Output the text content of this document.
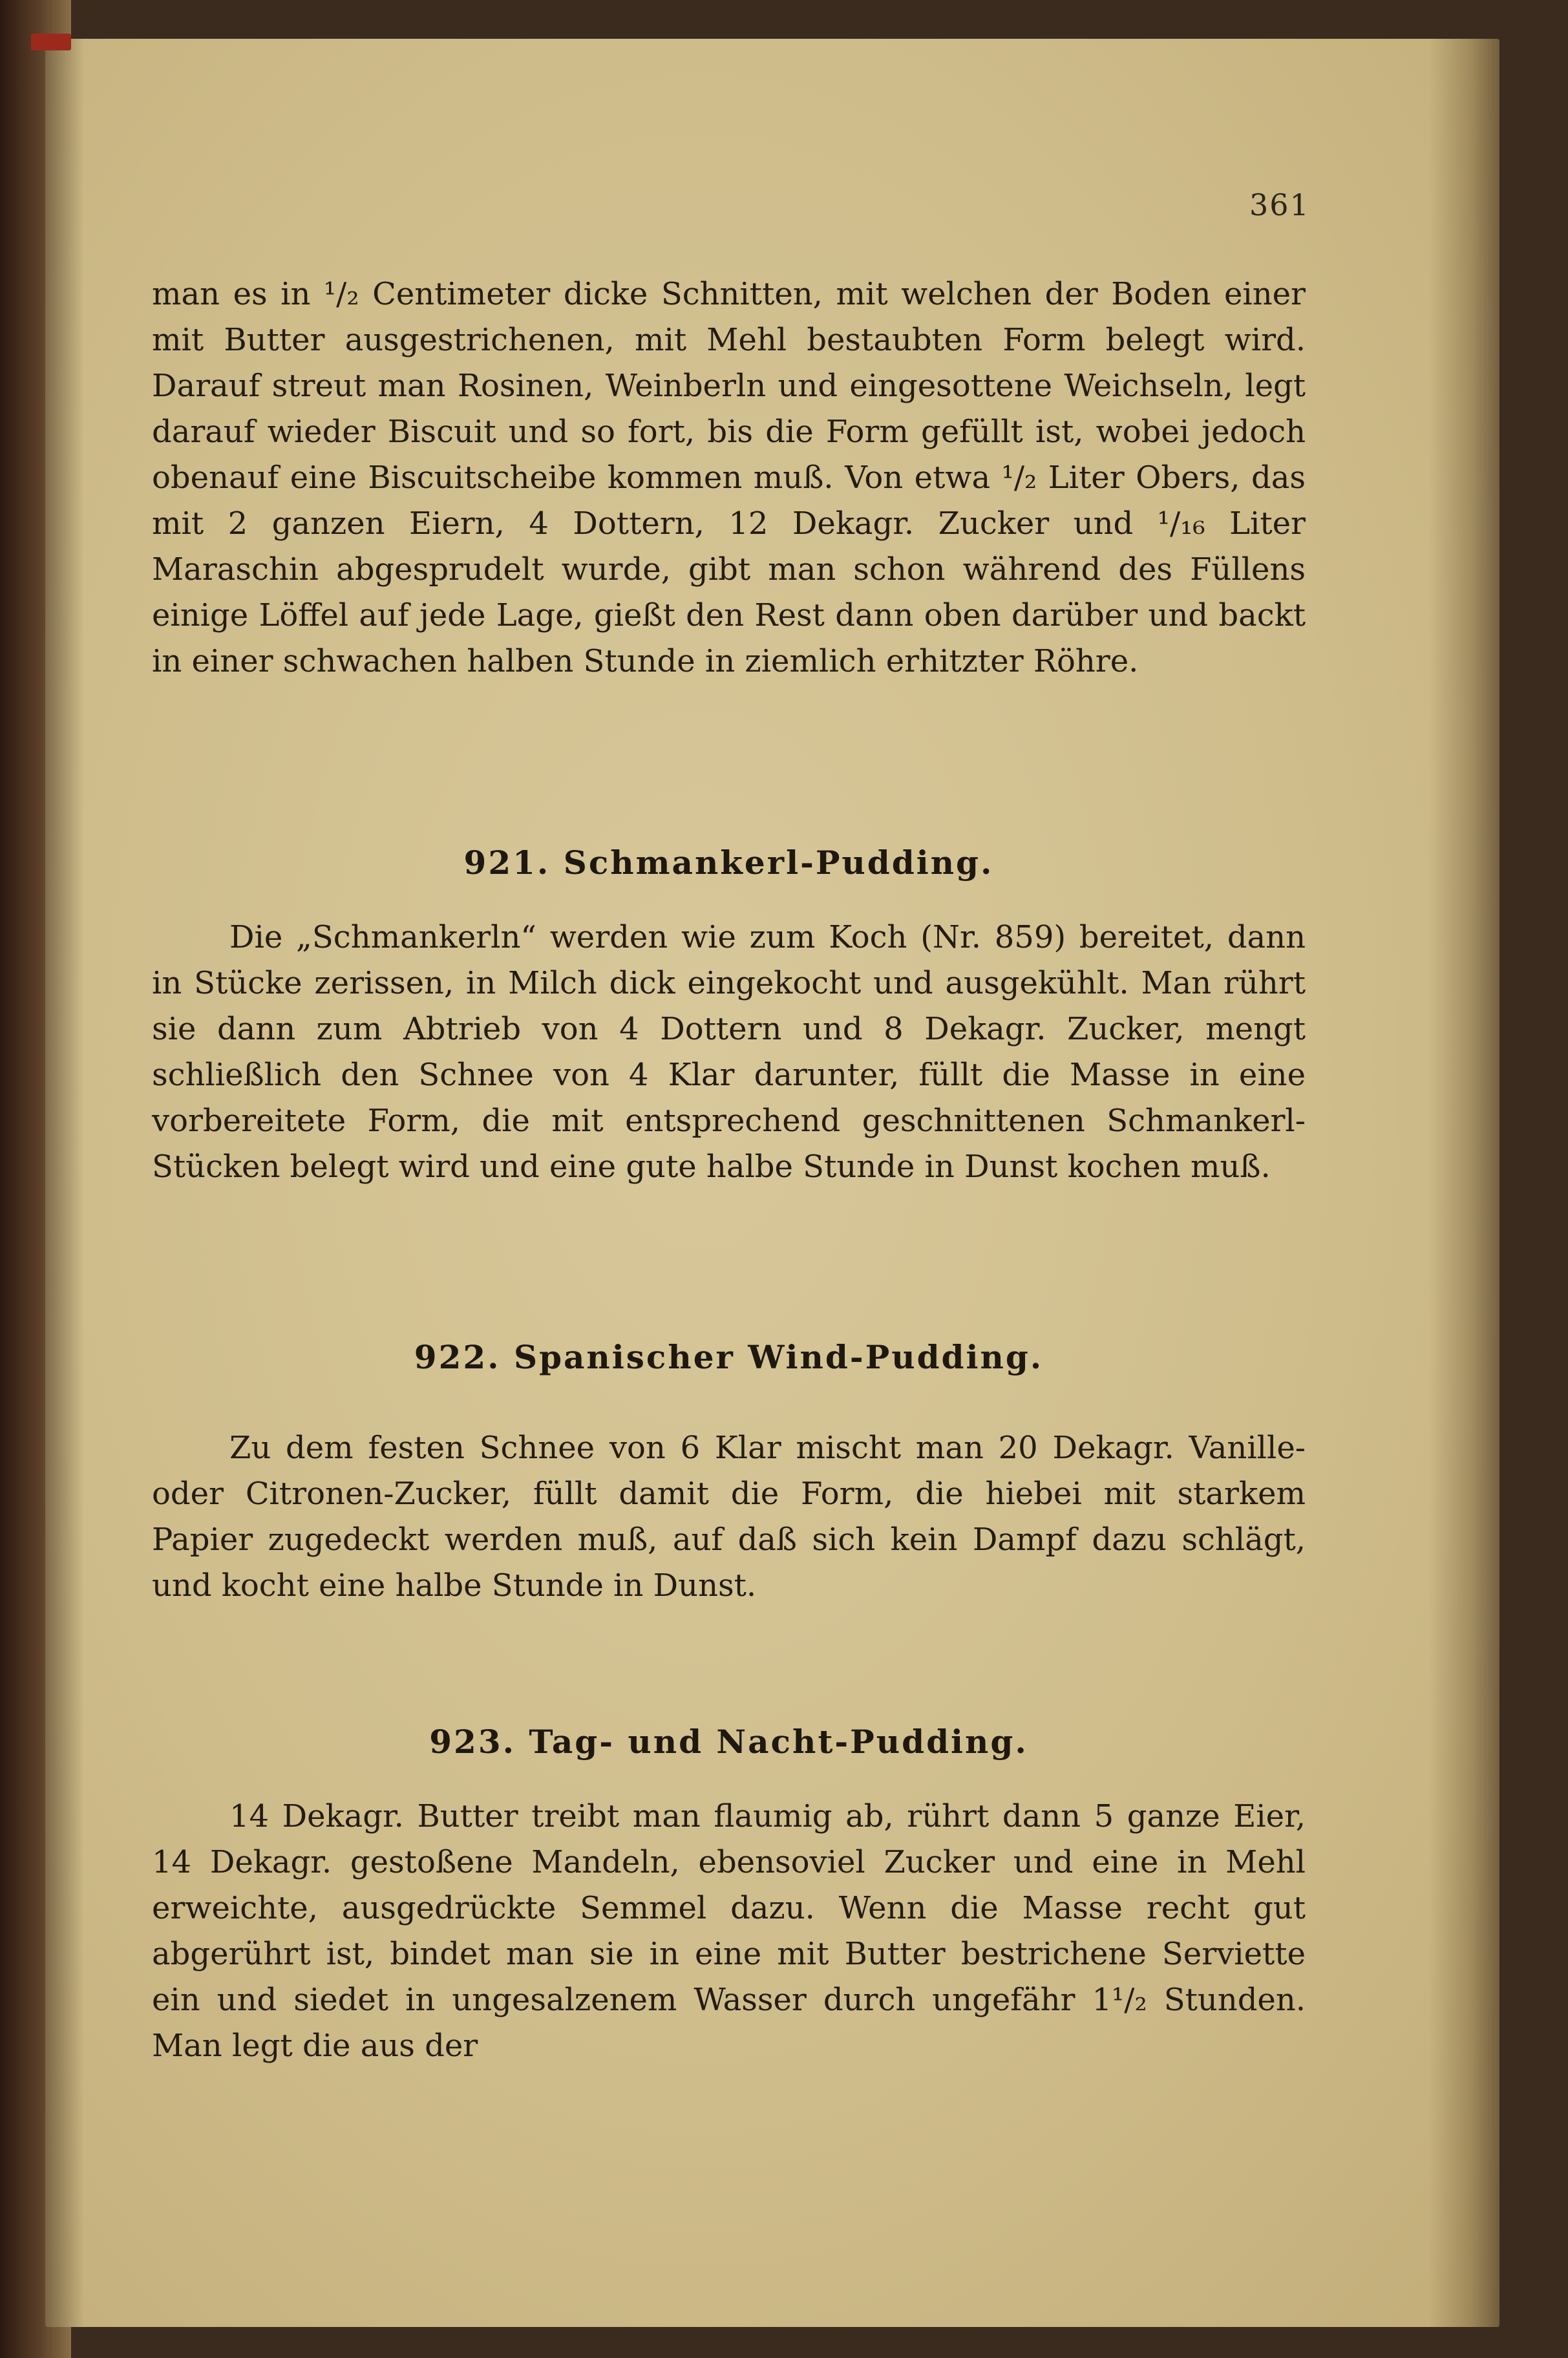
361

man es in ¹/₂ Centimeter dicke Schnitten, mit welchen der Boden einer mit Butter ausgestrichenen, mit Mehl bestaubten Form belegt wird. Darauf streut man Rosinen, Weinberln und eingesottene Weichseln, legt darauf wieder Biscuit und so fort, bis die Form gefüllt ist, wobei jedoch obenauf eine Biscuitscheibe kommen muß. Von etwa ¹/₂ Liter Obers, das mit 2 ganzen Eiern, 4 Dottern, 12 Dekagr. Zucker und ¹/₁₆ Liter Maraschin abgesprudelt wurde, gibt man schon während des Füllens einige Löffel auf jede Lage, gießt den Rest dann oben darüber und backt in einer schwachen halben Stunde in ziemlich erhitzter Röhre.

921. Schmankerl-Pudding.

Die „Schmankerln“ werden wie zum Koch (Nr. 859) bereitet, dann in Stücke zerissen, in Milch dick eingekocht und ausgekühlt. Man rührt sie dann zum Abtrieb von 4 Dottern und 8 Dekagr. Zucker, mengt schließlich den Schnee von 4 Klar darunter, füllt die Masse in eine vorbereitete Form, die mit entsprechend geschnittenen Schmankerl-Stücken belegt wird und eine gute halbe Stunde in Dunst kochen muß.

922. Spanischer Wind-Pudding.

Zu dem festen Schnee von 6 Klar mischt man 20 Dekagr. Vanille- oder Citronen-Zucker, füllt damit die Form, die hiebei mit starkem Papier zugedeckt werden muß, auf daß sich kein Dampf dazu schlägt, und kocht eine halbe Stunde in Dunst.

923. Tag- und Nacht-Pudding.

14 Dekagr. Butter treibt man flaumig ab, rührt dann 5 ganze Eier, 14 Dekagr. gestoßene Mandeln, ebensoviel Zucker und eine in Mehl erweichte, ausgedrückte Semmel dazu. Wenn die Masse recht gut abgerührt ist, bindet man sie in eine mit Butter bestrichene Serviette ein und siedet in ungesalzenem Wasser durch ungefähr 1¹/₂ Stunden. Man legt die aus der
